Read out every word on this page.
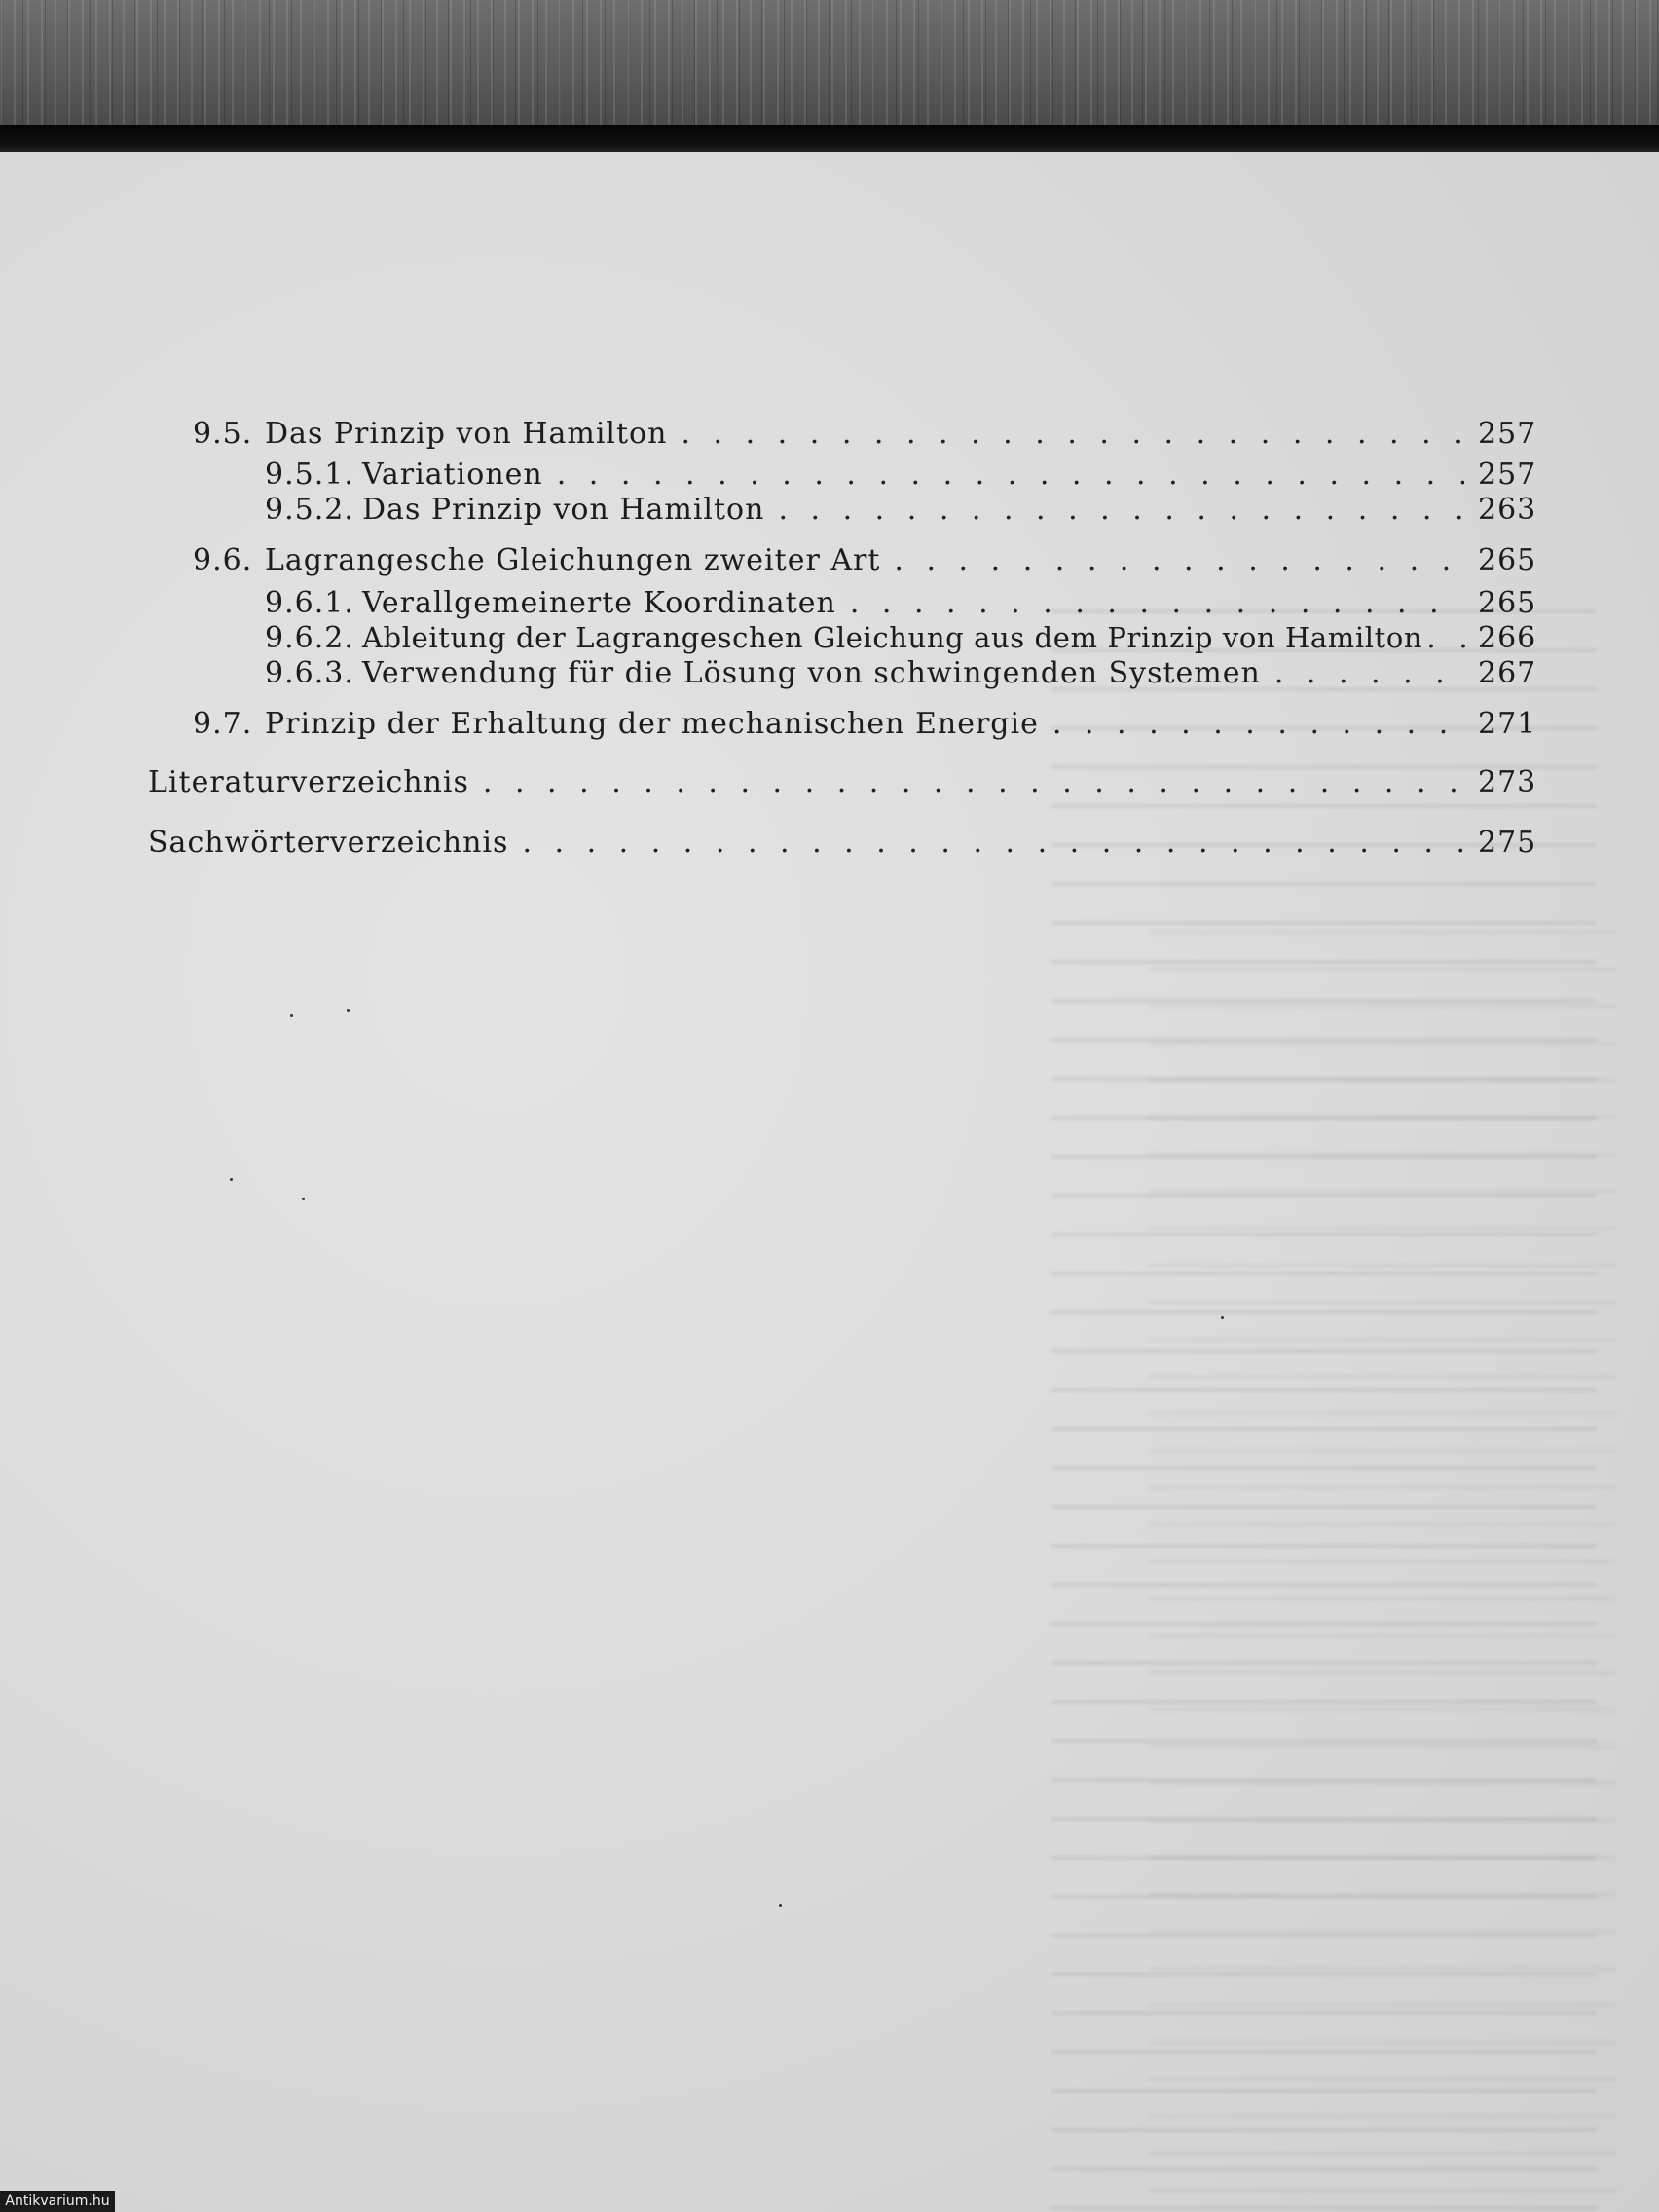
9.5. Das Prinzip von Hamilton . . .	257
9.5.1. Variationen . . .	257
9.5.2. Das Prinzip von Hamilton . . .	263
9.6. Lagrangesche Gleichungen zweiter Art . . .	265
9.6.1. Verallgemeinerte Koordinaten . . .	265
9.6.2. Ableitung der Lagrangeschen Gleichung aus dem Prinzip von Hamilton . . . 266
9.6.3. Verwendung für die Lösung von schwingenden Systemen . . .	267
9.7. Prinzip der Erhaltung der mechanischen Energie . . .	271
Literaturverzeichnis . . .	273
Sachwörterverzeichnis . . .	275
Antikvarium.hu
